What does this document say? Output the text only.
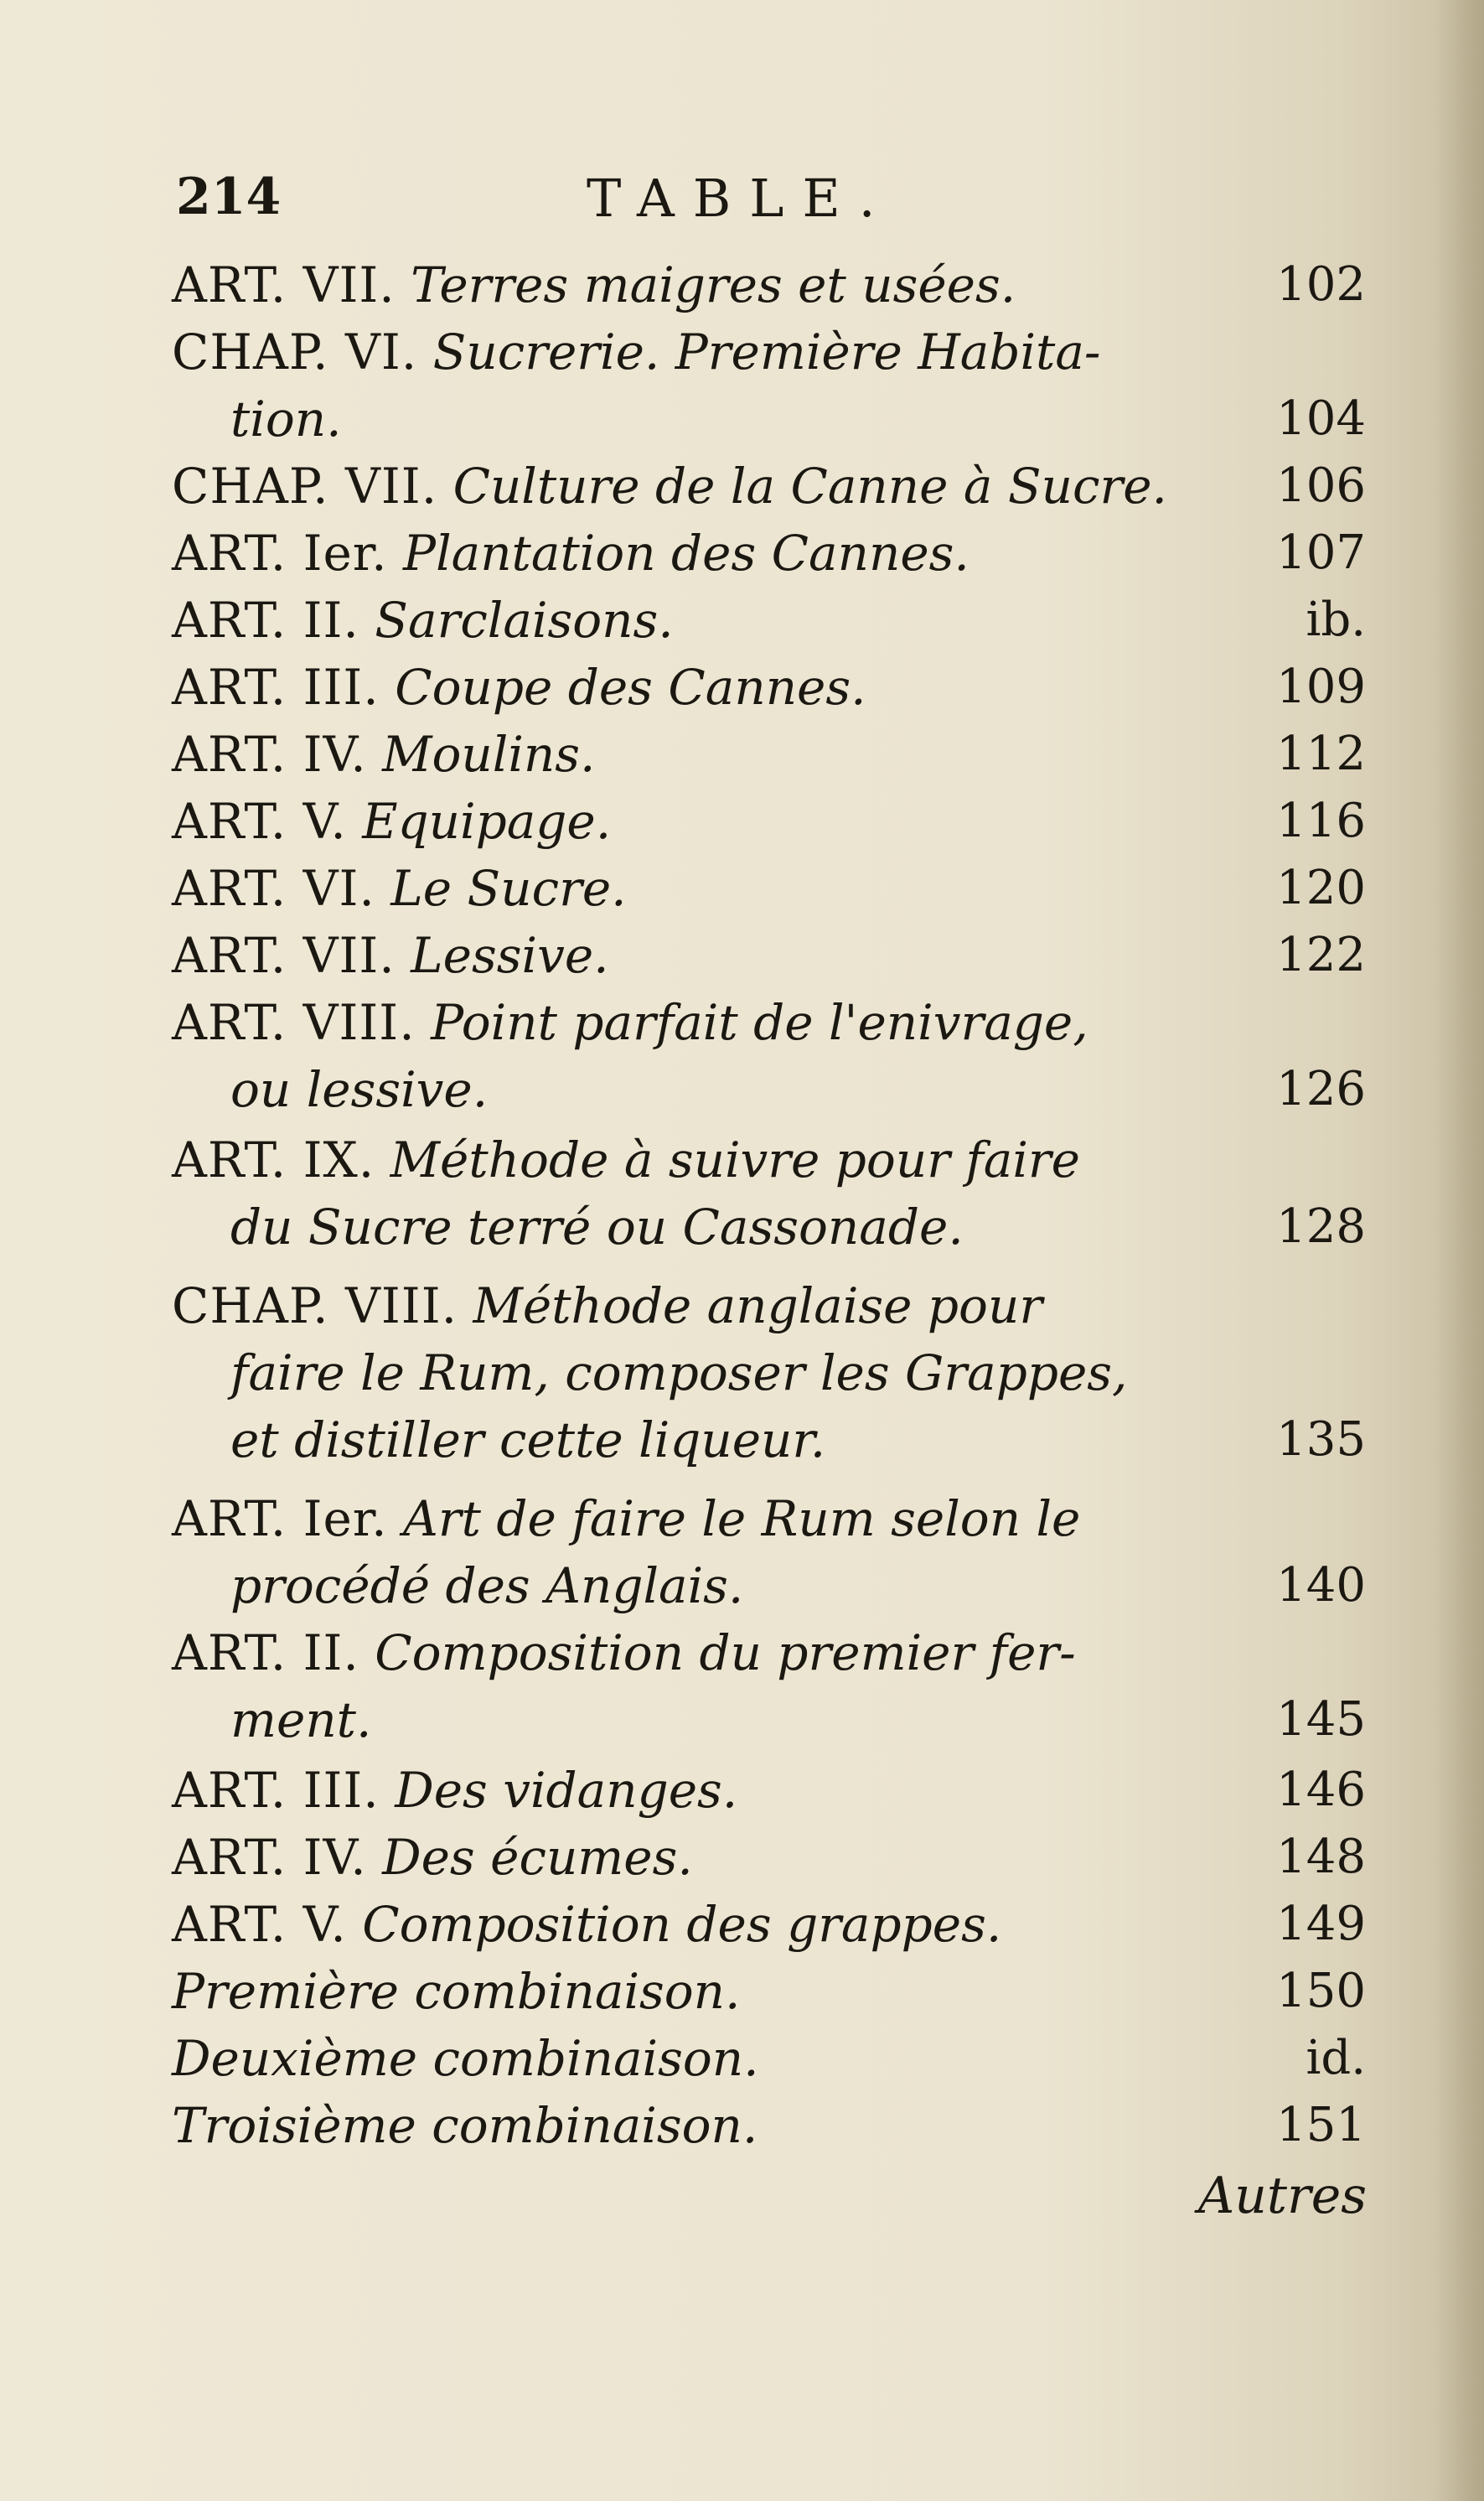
214	TABLE.
ART. VII. Terres maigres et usées.	102
CHAP. VI. Sucrerie. Première Habita-
tion.	104
CHAP. VII. Culture de la Canne à Sucre. 106
ART. Ier. Plantation des Cannes.	107
ART. II. Sarclaisons.	ib.
ART. III. Coupe des Cannes.	109
ART. IV. Moulins.	112
ART. V. Equipage.	116
ART. VI. Le Sucre.	120
ART. VII. Lessive.	122
ART. VIII. Point parfait de l'enivrage,
ou lessive.	126
ART. IX. Méthode à suivre pour faire
du Sucre terré ou Cassonade.	128
CHAP. VIII. Méthode anglaise pour
faire le Rum, composer les Grappes,
et distiller cette liqueur.	135
ART. Ier. Art de faire le Rum selon le
procédé des Anglais.	140
ART. II. Composition du premier fer-
ment.	145
ART. III. Des vidanges.	146
ART. IV. Des écumes.	148
ART. V. Composition des grappes.	149
Première combinaison.	150
Deuxième combinaison.	id.
Troisième combinaison.	151
Autres
